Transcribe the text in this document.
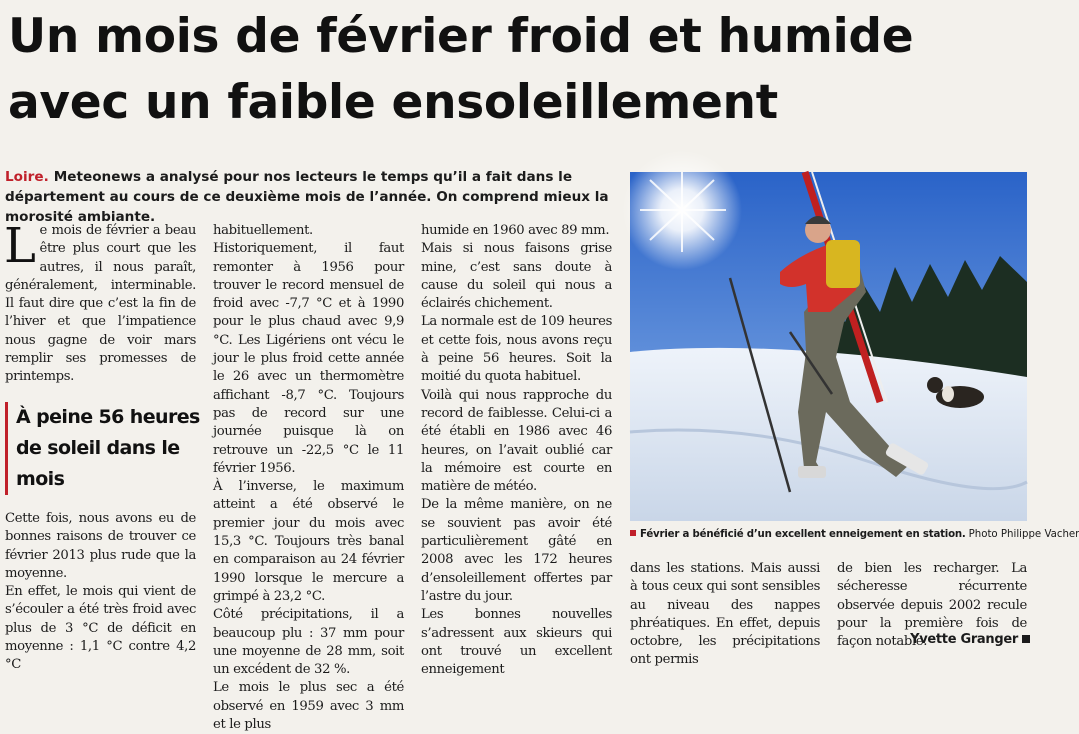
Un mois de février froid et humide
avec un faible ensoleillement
Loire. Meteonews a analysé pour nos lecteurs le temps qu’il a fait dans le département au cours de ce deuxième mois de l’année. On comprend mieux la morosité ambiante.

Le mois de février a beau être plus court que les autres, il nous paraît, généralement, interminable. Il faut dire que c’est la fin de l’hiver et que l’impatience nous gagne de voir mars remplir ses promesses de printemps.

À peine 56 heures de soleil dans le mois

Cette fois, nous avons eu de bonnes raisons de trouver ce février 2013 plus rude que la moyenne.

En effet, le mois qui vient de s’écouler a été très froid avec plus de 3 °C de déficit en moyenne : 1,1 °C contre 4,2 °C

habituellement.

Historiquement, il faut remonter à 1956 pour trouver le record mensuel de froid avec -7,7 °C et à 1990 pour le plus chaud avec 9,9 °C. Les Ligériens ont vécu le jour le plus froid cette année le 26 avec un thermomètre affichant -8,7 °C. Toujours pas de record sur une journée puisque là on retrouve un -22,5 °C le 11 février 1956.

À l’inverse, le maximum atteint a été observé le premier jour du mois avec 15,3 °C. Toujours très banal en comparaison au 24 février 1990 lorsque le mercure a grimpé à 23,2 °C.

Côté précipitations, il a beaucoup plu : 37 mm pour une moyenne de 28 mm, soit un excédent de 32 %.

Le mois le plus sec a été observé en 1959 avec 3 mm et le plus

humide en 1960 avec 89 mm.

Mais si nous faisons grise mine, c’est sans doute à cause du soleil qui nous a éclairés chichement.

La normale est de 109 heures et cette fois, nous avons reçu à peine 56 heures. Soit la moitié du quota habituel.

Voilà qui nous rapproche du record de faiblesse. Celui-ci a été établi en 1986 avec 46 heures, on l’avait oublié car la mémoire est courte en matière de météo.

De la même manière, on ne se souvient pas avoir été particulièrement gâté en 2008 avec les 172 heures d’ensoleillement offertes par l’astre du jour.

Les bonnes nouvelles s’adressent aux skieurs qui ont trouvé un excellent enneigement

Février a bénéficié d’un excellent enneigement en station. Photo Philippe Vacher

dans les stations. Mais aussi à tous ceux qui sont sensibles au niveau des nappes phréatiques. En effet, depuis octobre, les précipitations ont permis

de bien les recharger. La sécheresse récurrente observée depuis 2002 recule pour la première fois de façon notable.

Yvette Granger
